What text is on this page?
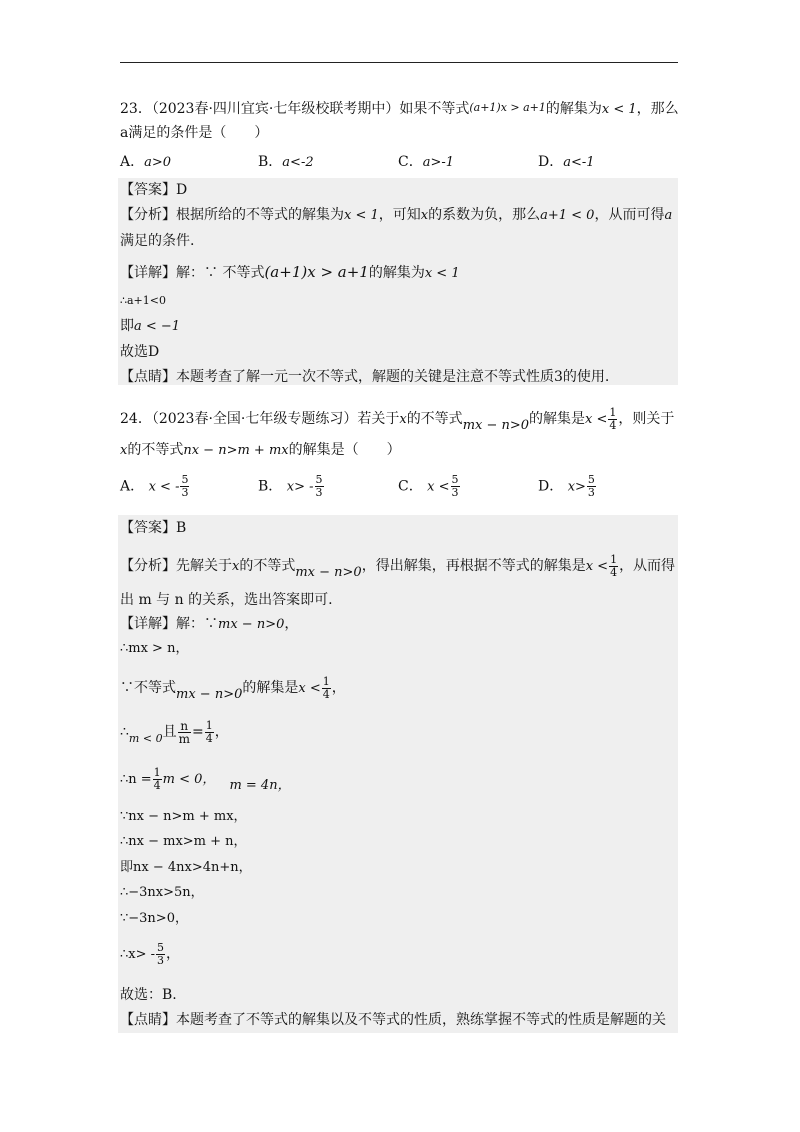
23．（2023春·四川宜宾·七年级校联考期中）如果不等式(a+1)x > a+1的解集为x < 1，那么
a满足的条件是（　　）
A．a>0	B．a<-2	C．a>-1	D．a<-1
【答案】D
【分析】根据所给的不等式的解集为x < 1，可知x的系数为负，那么a+1 < 0，从而可得a
满足的条件.
【详解】解：∵ 不等式(a+1)x > a+1的解集为x < 1
∴a+1<0
即a < −1
故选D
【点睛】本题考查了解一元一次不等式，解题的关键是注意不等式性质3的使用.
24．（2023春·全国·七年级专题练习）若关于x的不等式mx − n>0的解集是$x < \frac{1}{4}$ ，则关于
x的不等式nx − n>m + mx的解集是（　　）
A． x < - $\frac{5}{3}$	B． $x> - \frac{5}{3}$	C． $x < \frac{5}{3}$	D． $x> \frac{5}{3}$
【答案】B
【分析】先解关于x的不等式mx − n>0，得出解集，再根据不等式的解集是$x < \frac{1}{4}$ ，从而得
出 m 与 n 的关系，选出答案即可.
【详解】解：∵mx − n>0，
∴mx > n，
∵不等式mx − n>0的解集是$x < \frac{1}{4}$ ，
$\therefore_{m < 0}$且 $\frac{n}{m} = \frac{1}{4}$ ，
∴n = $\frac{1}{4}$ m < 0， m = 4n，
∵nx − n>m + mx，
∴nx − mx>m + n，
即nx − 4nx>4n+n，
∴−3nx>5n，
∵−3n>0，
∴x> - $\frac{5}{3}$ ，
故选：B.
【点睛】本题考查了不等式的解集以及不等式的性质，熟练掌握不等式的性质是解题的关
